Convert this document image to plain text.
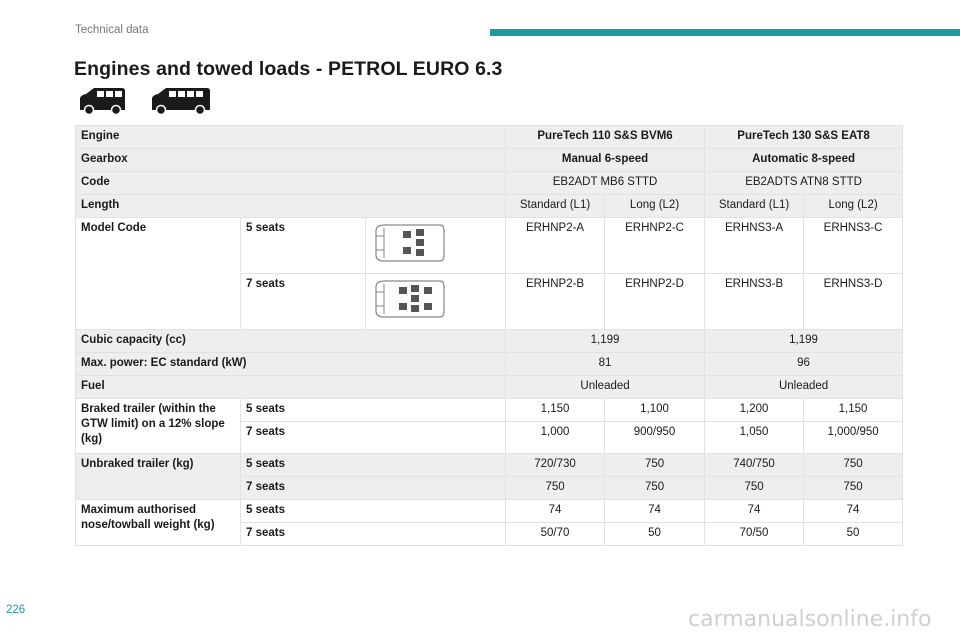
Technical data
Engines and towed loads - PETROL EURO 6.3
Engine			PureTech 110 S&S BVM6		PureTech 130 S&S EAT8	
Gearbox			Manual 6-speed		Automatic 8-speed	
Code			EB2ADT MB6 STTD		EB2ADTS ATN8 STTD	
Length			Standard (L1)	Long (L2)	Standard (L1)	Long (L2)
Model Code	5 seats		ERHNP2-A	ERHNP2-C	ERHNS3-A	ERHNS3-C
	7 seats		ERHNP2-B	ERHNP2-D	ERHNS3-B	ERHNS3-D
Cubic capacity (cc)			1,199		1,199	
Max. power: EC standard (kW)			81		96	
Fuel			Unleaded		Unleaded	
Braked trailer (within the GTW limit) on a 12% slope (kg)	5 seats		1,150	1,100	1,200	1,150
	7 seats		1,000	900/950	1,050	1,000/950
Unbraked trailer (kg)	5 seats		720/730	750	740/750	750
	7 seats		750	750	750	750
Maximum authorised nose/towball weight (kg)	5 seats		74	74	74	74
	7 seats		50/70	50	70/50	50
226	carmanualsonline.info
